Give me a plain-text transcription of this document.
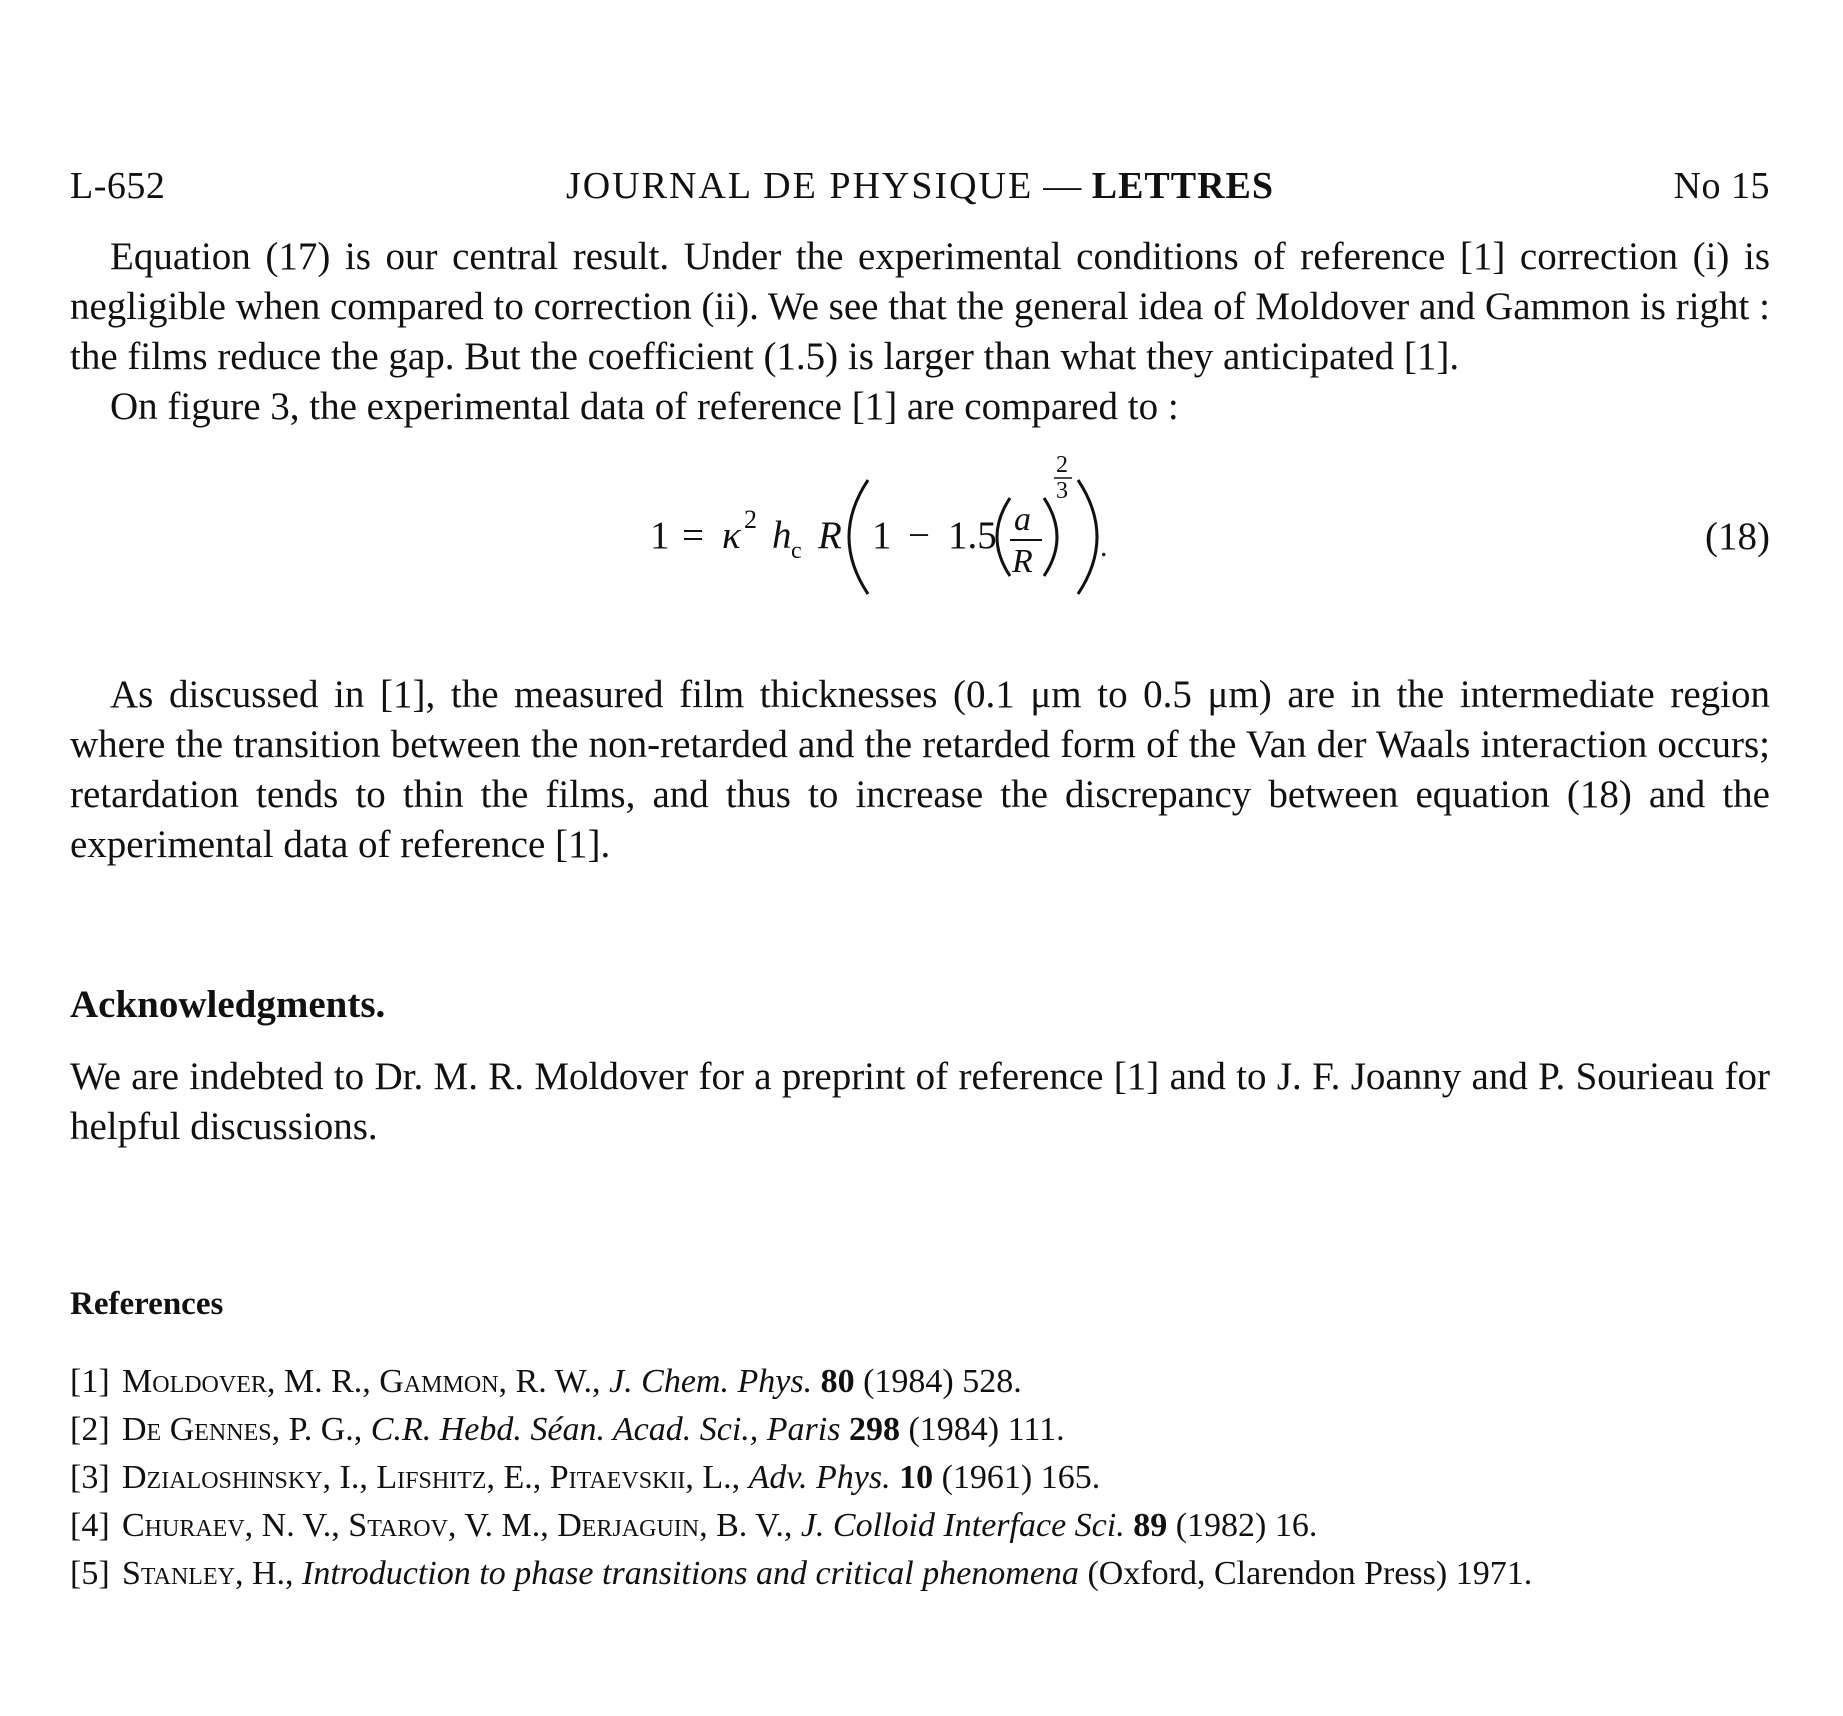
L-652	JOURNAL DE PHYSIQUE — LETTRES	No 15

Equation (17) is our central result. Under the experimental conditions of reference [1] correction (i) is negligible when compared to correction (ii). We see that the general idea of Moldover and Gammon is right : the films reduce the gap. But the coefficient (1.5) is larger than what they anticipated [1].

On figure 3, the experimental data of reference [1] are compared to :

1 = κ 2 h c R 1 − 1.5 a
R
2
3
.	(18)

As discussed in [1], the measured film thicknesses (0.1 μm to 0.5 μm) are in the intermediate region where the transition between the non-retarded and the retarded form of the Van der Waals interaction occurs; retardation tends to thin the films, and thus to increase the discrepancy between equation (18) and the experimental data of reference [1].

Acknowledgments.

We are indebted to Dr. M. R. Moldover for a preprint of reference [1] and to J. F. Joanny and P. Sourieau for helpful discussions.

References
[1] Moldover, M. R., Gammon, R. W., J. Chem. Phys. 80 (1984) 528.
[2] De Gennes, P. G., C.R. Hebd. Séan. Acad. Sci., Paris 298 (1984) 111.
[3] Dzialoshinsky, I., Lifshitz, E., Pitaevskii, L., Adv. Phys. 10 (1961) 165.
[4] Churaev, N. V., Starov, V. M., Derjaguin, B. V., J. Colloid Interface Sci. 89 (1982) 16.
[5] Stanley, H., Introduction to phase transitions and critical phenomena (Oxford, Clarendon Press) 1971.
